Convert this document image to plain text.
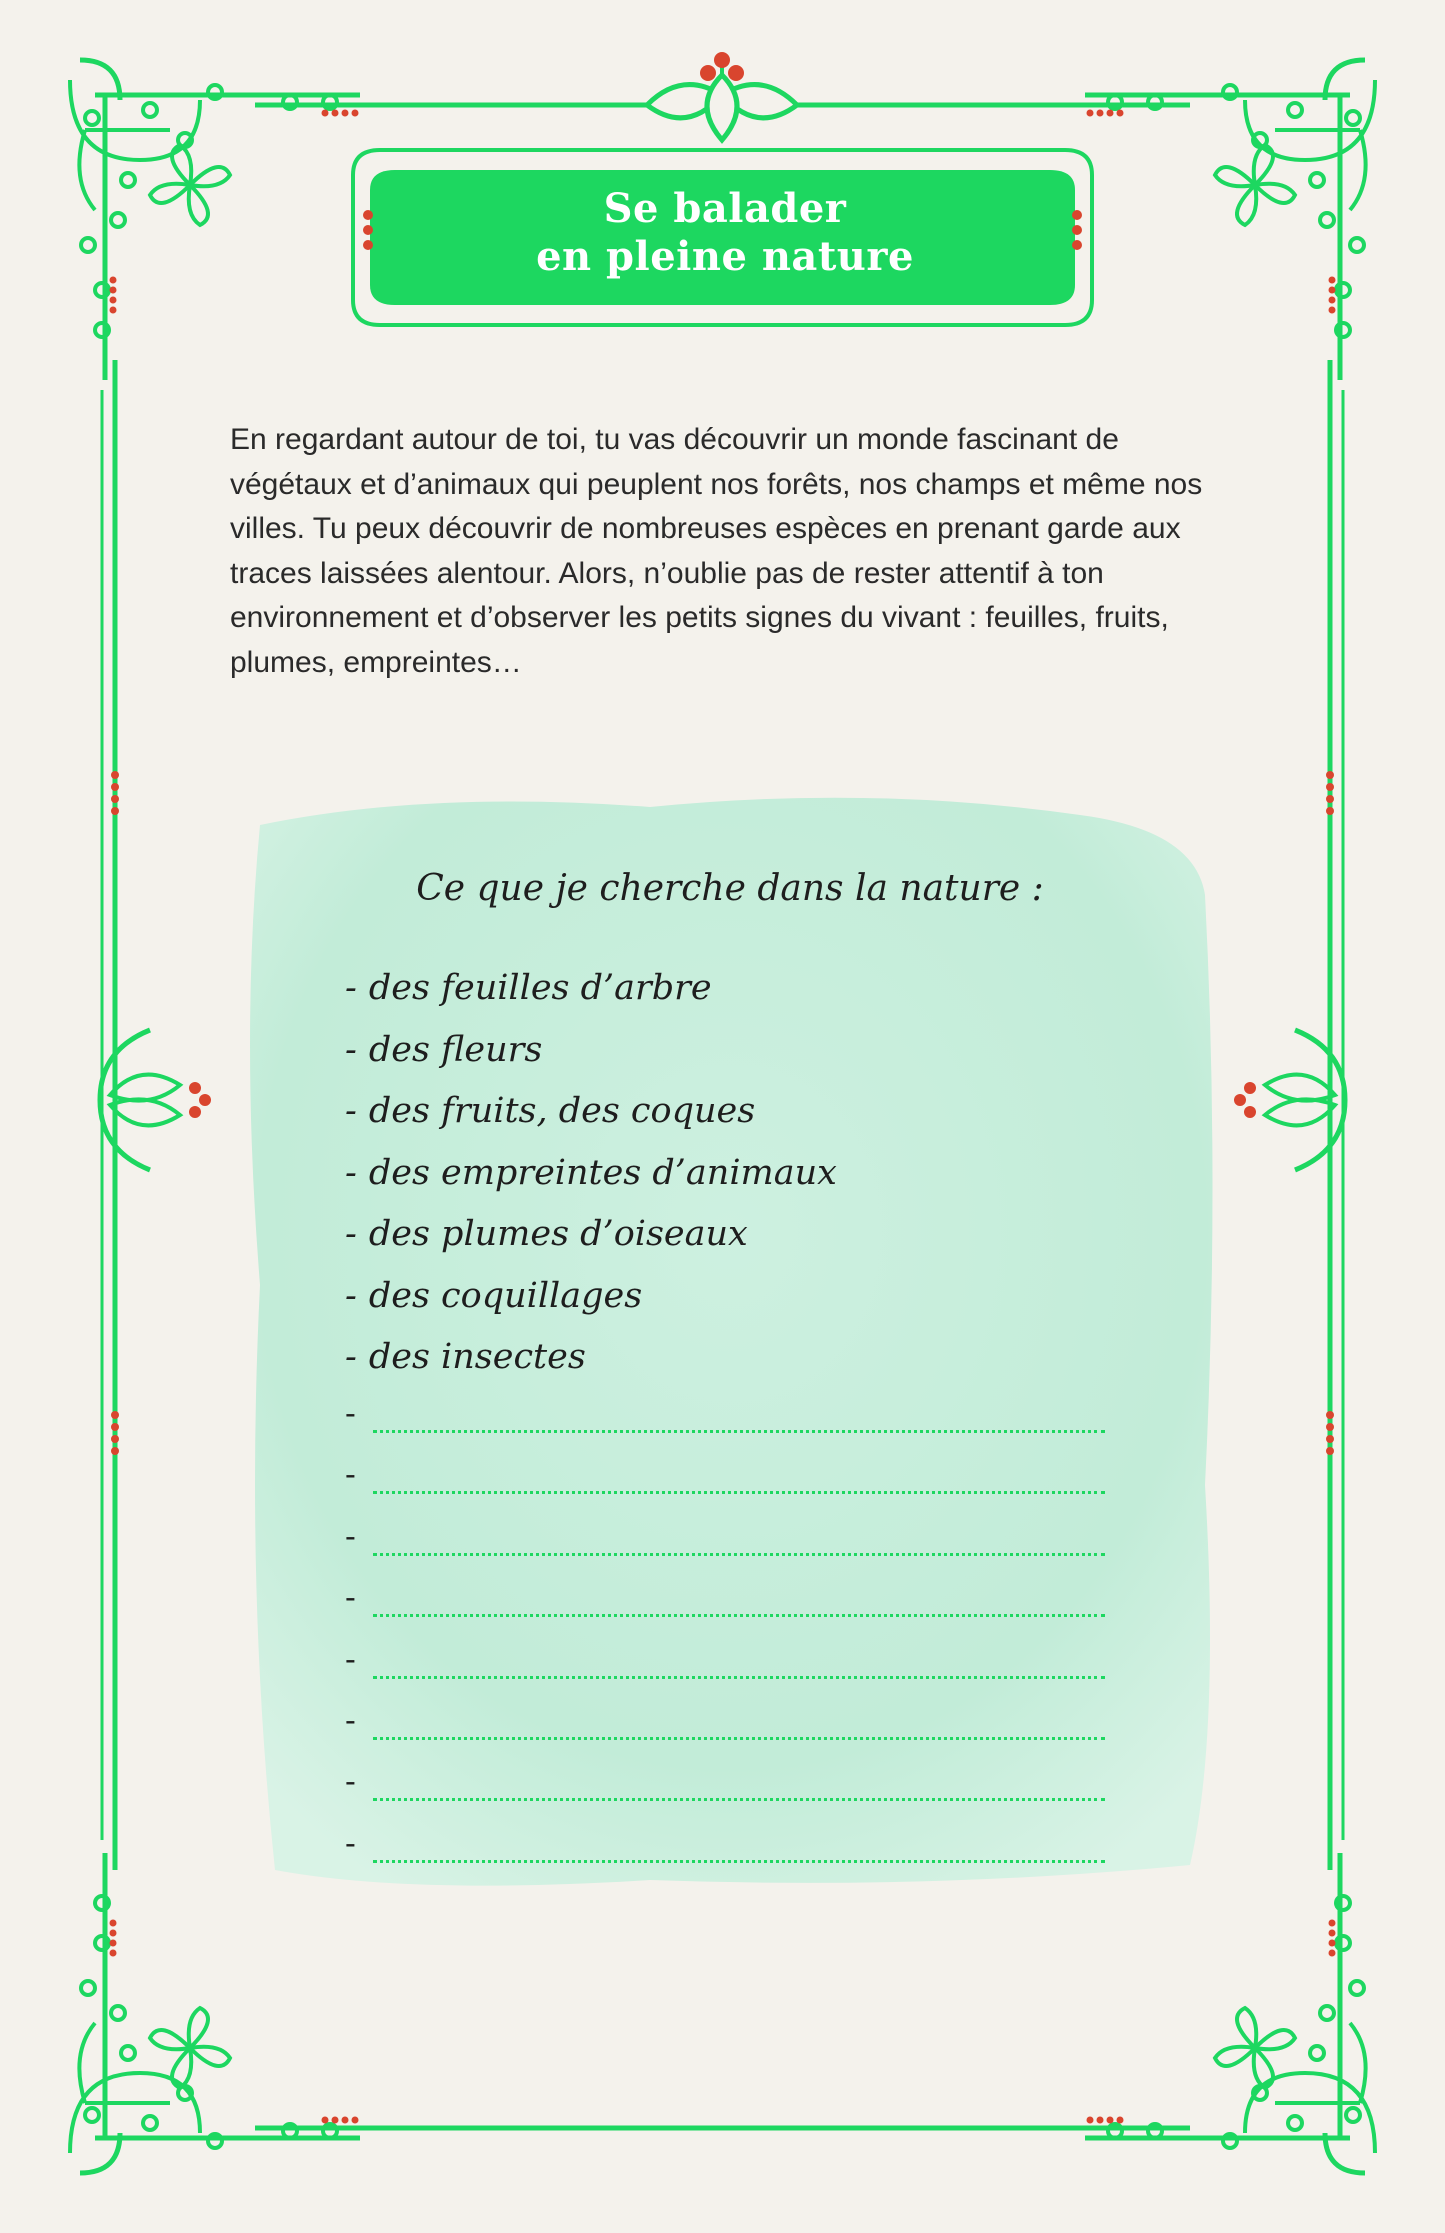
Se balader
en pleine nature

En regardant autour de toi, tu vas découvrir un monde fascinant de végétaux et d’animaux qui peuplent nos forêts, nos champs et même nos villes. Tu peux découvrir de nombreuses espèces en prenant garde aux traces laissées alentour. Alors, n’oublie pas de rester attentif à ton environnement et d’observer les petits signes du vivant : feuilles, fruits, plumes, empreintes…

Ce que je cherche dans la nature :
- des feuilles d’arbre
- des fleurs
- des fruits, des coques
- des empreintes d’animaux
- des plumes d’oiseaux
- des coquillages
- des insectes
-
-
-
-
-
-
-
-
